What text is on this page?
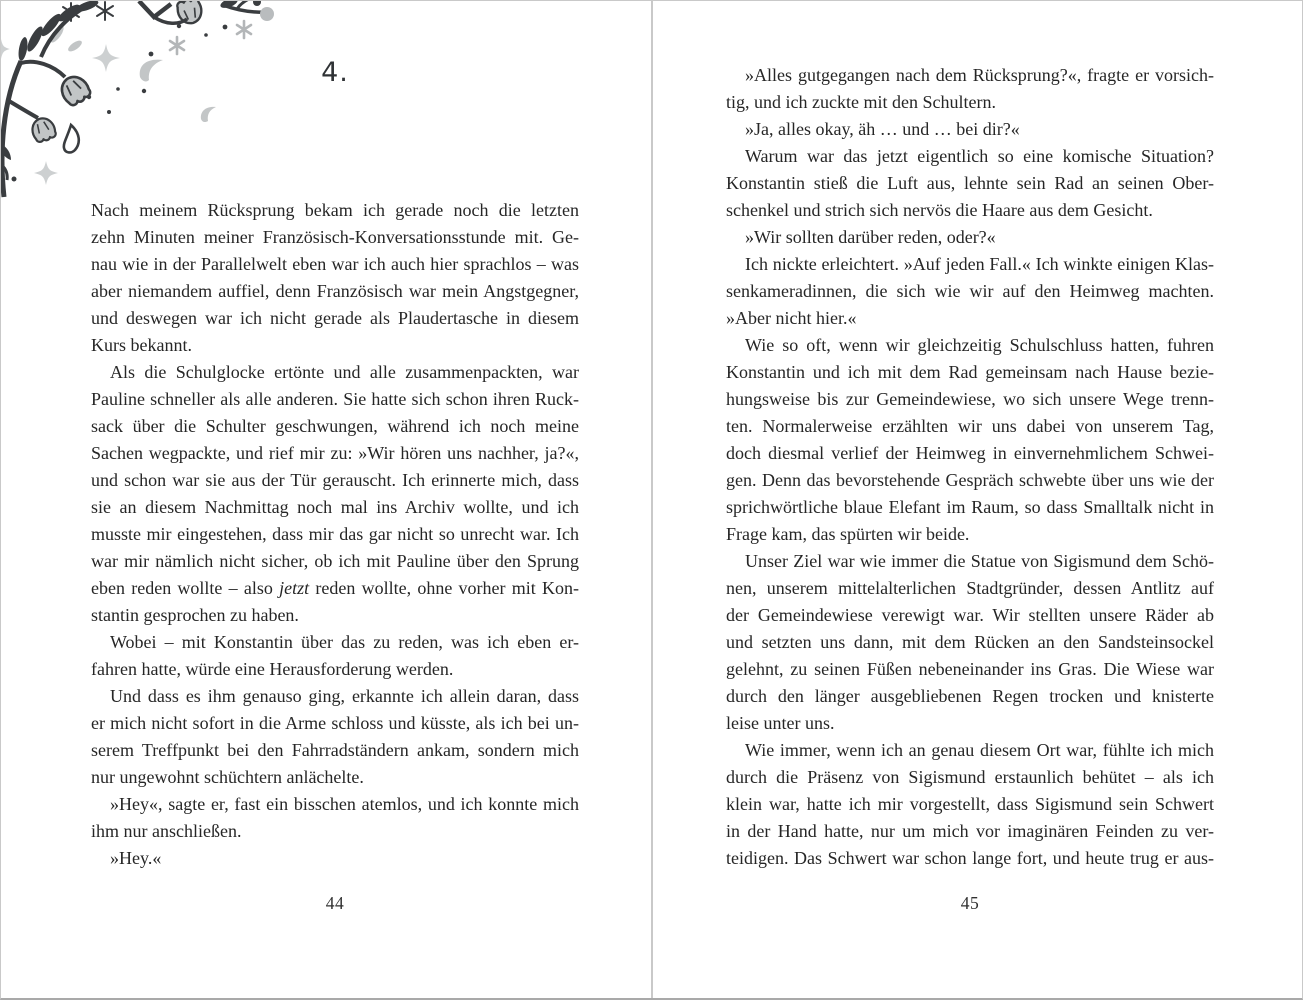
4.
Nach meinem Rücksprung bekam ich gerade noch die letzten
zehn Minuten meiner Französisch-Konversationsstunde mit. Ge-
nau wie in der Parallelwelt eben war ich auch hier sprachlos – was
aber niemandem auffiel, denn Französisch war mein Angstgegner,
und deswegen war ich nicht gerade als Plaudertasche in diesem
Kurs bekannt.
Als die Schulglocke ertönte und alle zusammenpackten, war
Pauline schneller als alle anderen. Sie hatte sich schon ihren Ruck-
sack über die Schulter geschwungen, während ich noch meine
Sachen wegpackte, und rief mir zu: »Wir hören uns nachher, ja?«,
und schon war sie aus der Tür gerauscht. Ich erinnerte mich, dass
sie an diesem Nachmittag noch mal ins Archiv wollte, und ich
musste mir eingestehen, dass mir das gar nicht so unrecht war. Ich
war mir nämlich nicht sicher, ob ich mit Pauline über den Sprung
eben reden wollte – also jetzt reden wollte, ohne vorher mit Kon-
stantin gesprochen zu haben.
Wobei – mit Konstantin über das zu reden, was ich eben er-
fahren hatte, würde eine Herausforderung werden.
Und dass es ihm genauso ging, erkannte ich allein daran, dass
er mich nicht sofort in die Arme schloss und küsste, als ich bei un-
serem Treffpunkt bei den Fahrradständern ankam, sondern mich
nur ungewohnt schüchtern anlächelte.
»Hey«, sagte er, fast ein bisschen atemlos, und ich konnte mich
ihm nur anschließen.
»Hey.«
44
»Alles gutgegangen nach dem Rücksprung?«, fragte er vorsich-
tig, und ich zuckte mit den Schultern.
»Ja, alles okay, äh … und … bei dir?«
Warum war das jetzt eigentlich so eine komische Situation?
Konstantin stieß die Luft aus, lehnte sein Rad an seinen Ober-
schenkel und strich sich nervös die Haare aus dem Gesicht.
»Wir sollten darüber reden, oder?«
Ich nickte erleichtert. »Auf jeden Fall.« Ich winkte einigen Klas-
senkameradinnen, die sich wie wir auf den Heimweg machten.
»Aber nicht hier.«
Wie so oft, wenn wir gleichzeitig Schulschluss hatten, fuhren
Konstantin und ich mit dem Rad gemeinsam nach Hause bezie-
hungsweise bis zur Gemeindewiese, wo sich unsere Wege trenn-
ten. Normalerweise erzählten wir uns dabei von unserem Tag,
doch diesmal verlief der Heimweg in einvernehmlichem Schwei-
gen. Denn das bevorstehende Gespräch schwebte über uns wie der
sprichwörtliche blaue Elefant im Raum, so dass Smalltalk nicht in
Frage kam, das spürten wir beide.
Unser Ziel war wie immer die Statue von Sigismund dem Schö-
nen, unserem mittelalterlichen Stadtgründer, dessen Antlitz auf
der Gemeindewiese verewigt war. Wir stellten unsere Räder ab
und setzten uns dann, mit dem Rücken an den Sandsteinsockel
gelehnt, zu seinen Füßen nebeneinander ins Gras. Die Wiese war
durch den länger ausgebliebenen Regen trocken und knisterte
leise unter uns.
Wie immer, wenn ich an genau diesem Ort war, fühlte ich mich
durch die Präsenz von Sigismund erstaunlich behütet – als ich
klein war, hatte ich mir vorgestellt, dass Sigismund sein Schwert
in der Hand hatte, nur um mich vor imaginären Feinden zu ver-
teidigen. Das Schwert war schon lange fort, und heute trug er aus-
45
